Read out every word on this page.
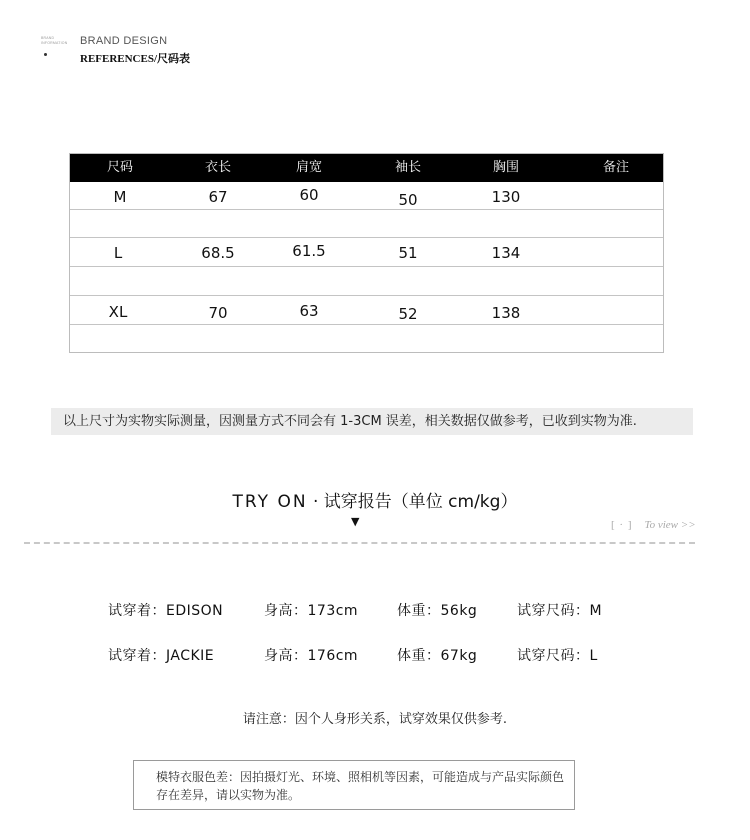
BRAND
INFORMATION BRAND DESIGN
REFERENCES/尺码表
尺码	衣长	肩宽	袖长	胸围	备注
M	67	60	50	130
L	68.5	61.5	51	134
XL	70	63	52	138
以上尺寸为实物实际测量，因测量方式不同会有 1-3CM 误差，相关数据仅做参考，已收到实物为准.
TRY ON · 试穿报告（单位 cm/kg）
▼	[ · ] To view >>
试穿着：EDISON	身高：173cm	体重：56kg	试穿尺码：M
试穿着：JACKIE	身高：176cm	体重：67kg	试穿尺码：L
请注意：因个人身形关系，试穿效果仅供参考.
模特衣服色差：因拍摄灯光、环境、照相机等因素，可能造成与产品实际颜色存在差异，请以实物为准。
